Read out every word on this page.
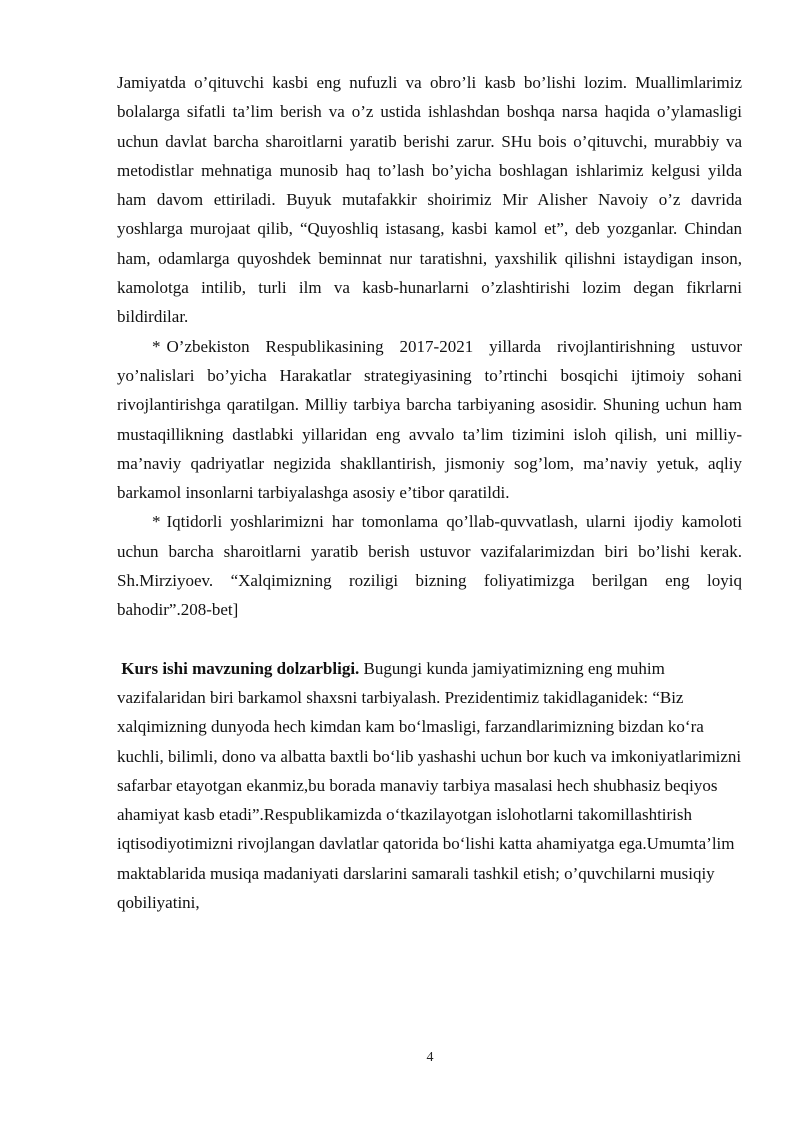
Jamiyatda o’qituvchi kasbi eng nufuzli va obro’li kasb bo’lishi lozim. Muallimlarimiz bolalarga sifatli ta’lim berish va o’z ustida ishlashdan boshqa narsa haqida o’ylamasligi uchun davlat barcha sharoitlarni yaratib berishi zarur. SHu bois o’qituvchi, murabbiy va metodistlar mehnatiga munosib haq to’lash bo’yicha boshlagan ishlarimiz kelgusi yilda ham davom ettiriladi. Buyuk mutafakkir shoirimiz Mir Alisher Navoiy o’z davrida yoshlarga murojaat qilib, “Quyoshliq istasang, kasbi kamol et”, deb yozganlar. Chindan ham, odamlarga quyoshdek beminnat nur taratishni, yaxshilik qilishni istaydigan inson, kamolotga intilib, turli ilm va kasb-hunarlarni o’zlashtirishi lozim degan fikrlarni bildirdilar.

* O’zbekiston Respublikasining 2017-2021 yillarda rivojlantirishning ustuvor yo’nalislari bo’yicha Harakatlar strategiyasining to’rtinchi bosqichi ijtimoiy sohani rivojlantirishga qaratilgan. Milliy tarbiya barcha tarbiyaning asosidir. Shuning uchun ham mustaqillikning dastlabki yillaridan eng avvalo ta’lim tizimini isloh qilish, uni milliy-ma’naviy qadriyatlar negizida shakllantirish, jismoniy sog’lom, ma’naviy yetuk, aqliy barkamol insonlarni tarbiyalashga asosiy e’tibor qaratildi.

* Iqtidorli yoshlarimizni har tomonlama qo’llab-quvvatlash, ularni ijodiy kamoloti uchun barcha sharoitlarni yaratib berish ustuvor vazifalarimizdan biri bo’lishi kerak. Sh.Mirziyoev. “Xalqimizning roziligi bizning foliyatimizga berilgan eng loyiq bahodir”.208-bet]

Kurs ishi mavzuning dolzarbligi. Bugungi kunda jamiyatimizning eng muhim vazifalaridan biri barkamol shaxsni tarbiyalash. Prezidentimiz takidlaganidek: “Biz xalqimizning dunyoda hech kimdan kam bo‘lmasligi, farzandlarimizning bizdan ko‘ra kuchli, bilimli, dono va albatta baxtli bo‘lib yashashi uchun bor kuch va imkoniyatlarimizni safarbar etayotgan ekanmiz,bu borada manaviy tarbiya masalasi hech shubhasiz beqiyos ahamiyat kasb etadi”.Respublikamizda o‘tkazilayotgan islohotlarni takomillashtirish iqtisodiyotimizni rivojlangan davlatlar qatorida bo‘lishi katta ahamiyatga ega.Umumta’lim maktablarida musiqa madaniyati darslarini samarali tashkil etish; o’quvchilarni musiqiy qobiliyatini,

4
